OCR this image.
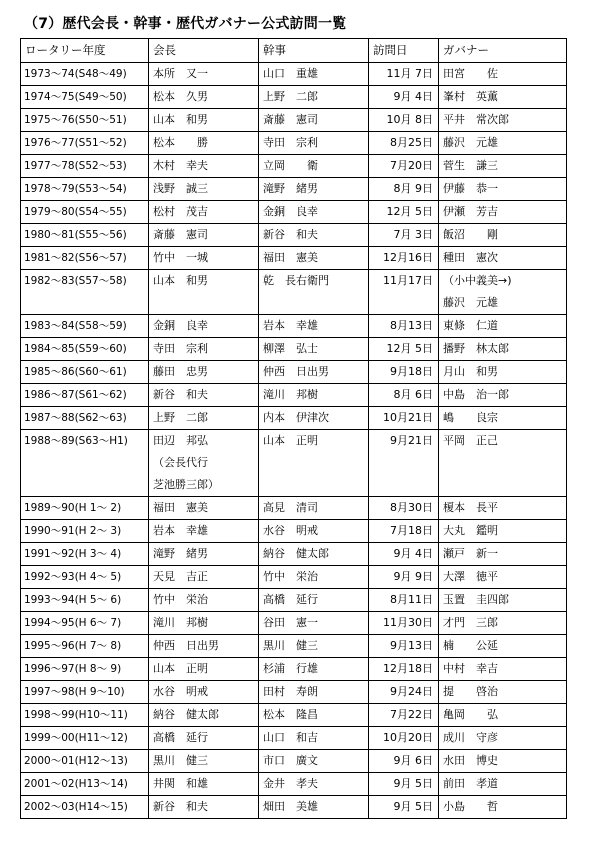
（7）歴代会長・幹事・歴代ガバナー公式訪問一覧
ロータリー年度	会長	幹事	訪問日	ガバナー
1973～74(S48～49)	本所　又一	山口　重雄	11月 7日	田宮　　佐

1974～75(S49～50)	松本　久男	上野　二郎	9月 4日	峯村　英薫

1975～76(S50～51)	山本　和男	斎藤　憲司	10月 8日	平井　常次郎

1976～77(S51～52)	松本　　勝	寺田　宗利	8月25日	藤沢　元雄

1977～78(S52～53)	木村　幸夫	立岡　　衛	7月20日	菅生　謙三

1978～79(S53～54)	浅野　誠三	滝野　緒男	8月 9日	伊藤　恭一

1979～80(S54～55)	松村　茂吉	金銅　良幸	12月 5日	伊瀬　芳吉

1980～81(S55～56)	斎藤　憲司	新谷　和夫	7月 3日	飯沼　　剛

1981～82(S56～57)	竹中　一城	福田　憲美	12月16日	種田　憲次

1982～83(S57～58)	山本　和男	乾　長右衛門	11月17日	（小中義美→)
藤沢　元雄

1983～84(S58～59)	金銅　良幸	岩本　幸雄	8月13日	東條　仁道

1984～85(S59～60)	寺田　宗利	柳澤　弘士	12月 5日	播野　林太郎

1985～86(S60～61)	藤田　忠男	仲西　日出男	9月18日	月山　和男

1986～87(S61～62)	新谷　和夫	滝川　邦樹	8月 6日	中島　治一郎

1987～88(S62～63)	上野　二郎	内本　伊津次	10月21日	嶋　　良宗

1988～89(S63～H1)	田辺　邦弘
（会長代行
芝池勝三郎）	山本　正明	9月21日	平岡　正己

1989～90(H 1～ 2)	福田　憲美	高見　清司	8月30日	榎本　長平

1990～91(H 2～ 3)	岩本　幸雄	水谷　明戒	7月18日	大丸　鑑明

1991～92(H 3～ 4)	滝野　緒男	納谷　健太郎	9月 4日	瀬戸　新一

1992～93(H 4～ 5)	天見　吉正	竹中　栄治	9月 9日	大澤　徳平

1993～94(H 5～ 6)	竹中　栄治	高橋　延行	8月11日	玉置　圭四郎

1994～95(H 6～ 7)	滝川　邦樹	谷田　憲一	11月30日	才門　三郎

1995～96(H 7～ 8)	仲西　日出男	黒川　健三	9月13日	楠　　公延

1996～97(H 8～ 9)	山本　正明	杉浦　行雄	12月18日	中村　幸吉

1997～98(H 9～10)	水谷　明戒	田村　寿朗	9月24日	提　　啓治

1998～99(H10～11)	納谷　健太郎	松本　隆昌	7月22日	亀岡　　弘

1999～00(H11～12)	高橋　延行	山口　和吉	10月20日	成川　守彦

2000～01(H12～13)	黒川　健三	市口　廣文	9月 6日	水田　博史

2001～02(H13～14)	井関　和雄	金井　孝夫	9月 5日	前田　孝道

2002～03(H14～15)	新谷　和夫	畑田　美雄	9月 5日	小島　　哲
